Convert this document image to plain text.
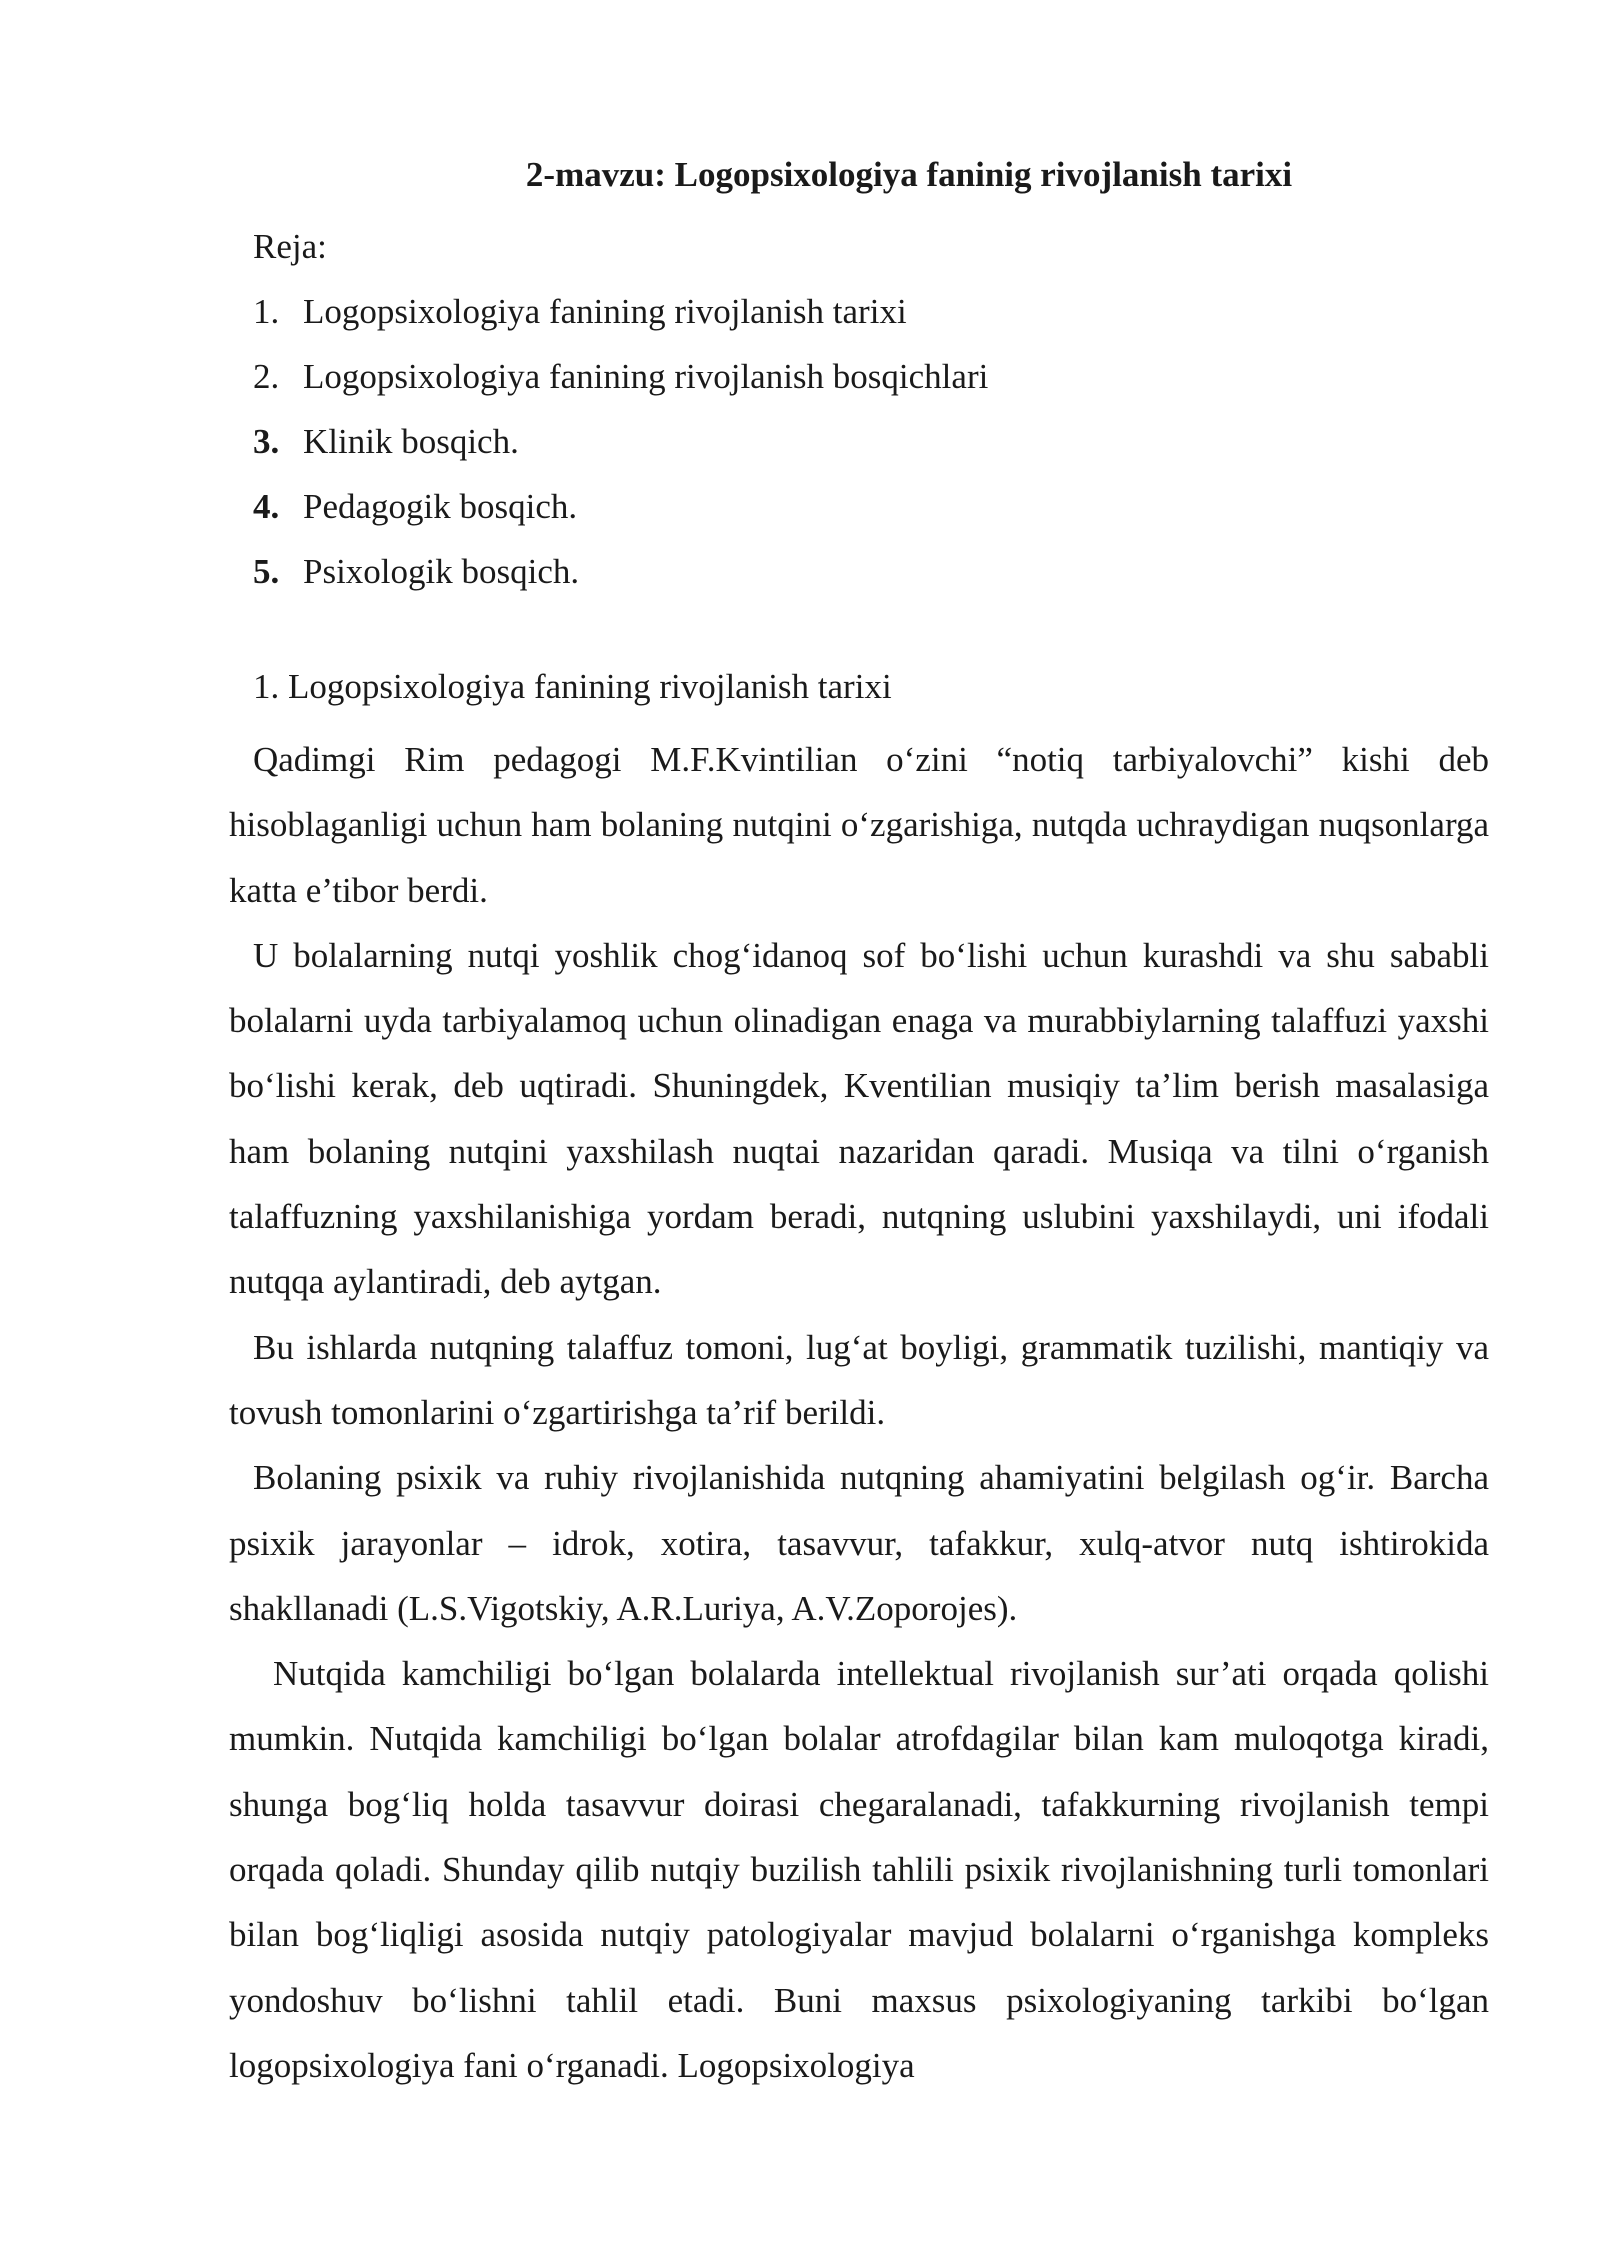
2-mavzu: Logopsixologiya faninig rivojlanish tarixi
Reja:
1. Logopsixologiya fanining rivojlanish tarixi
2. Logopsixologiya fanining rivojlanish bosqichlari
3. Klinik bosqich.
4. Pedagogik bosqich.
5. Psixologik bosqich.
1. Logopsixologiya fanining rivojlanish tarixi

Qadimgi Rim pedagogi M.F.Kvintilian o‘zini “notiq tarbiyalovchi” kishi deb hisoblaganligi uchun ham bolaning nutqini o‘zgarishiga, nutqda uchraydigan nuqsonlarga katta e’tibor berdi.

U bolalarning nutqi yoshlik chog‘idanoq sof bo‘lishi uchun kurashdi va shu sababli bolalarni uyda tarbiyalamoq uchun olinadigan enaga va murabbiylarning talaffuzi yaxshi bo‘lishi kerak, deb uqtiradi. Shuningdek, Kventilian musiqiy ta’lim berish masalasiga ham bolaning nutqini yaxshilash nuqtai nazaridan qaradi. Musiqa va tilni o‘rganish talaffuzning yaxshilanishiga yordam beradi, nutqning uslubini yaxshilaydi, uni ifodali nutqqa aylantiradi, deb aytgan.

Bu ishlarda nutqning talaffuz tomoni, lug‘at boyligi, grammatik tuzilishi, mantiqiy va tovush tomonlarini o‘zgartirishga ta’rif berildi.

Bolaning psixik va ruhiy rivojlanishida nutqning ahamiyatini belgilash og‘ir. Barcha psixik jarayonlar – idrok, xotira, tasavvur, tafakkur, xulq-atvor nutq ishtirokida shakllanadi (L.S.Vigotskiy, A.R.Luriya, A.V.Zoporojes).

Nutqida kamchiligi bo‘lgan bolalarda intellektual rivojlanish sur’ati orqada qolishi mumkin. Nutqida kamchiligi bo‘lgan bolalar atrofdagilar bilan kam muloqotga kiradi, shunga bog‘liq holda tasavvur doirasi chegaralanadi, tafakkurning rivojlanish tempi orqada qoladi. Shunday qilib nutqiy buzilish tahlili psixik rivojlanishning turli tomonlari bilan bog‘liqligi asosida nutqiy patologiyalar mavjud bolalarni o‘rganishga kompleks yondoshuv bo‘lishni tahlil etadi. Buni maxsus psixologiyaning tarkibi bo‘lgan logopsixologiya fani o‘rganadi. Logopsixologiya
